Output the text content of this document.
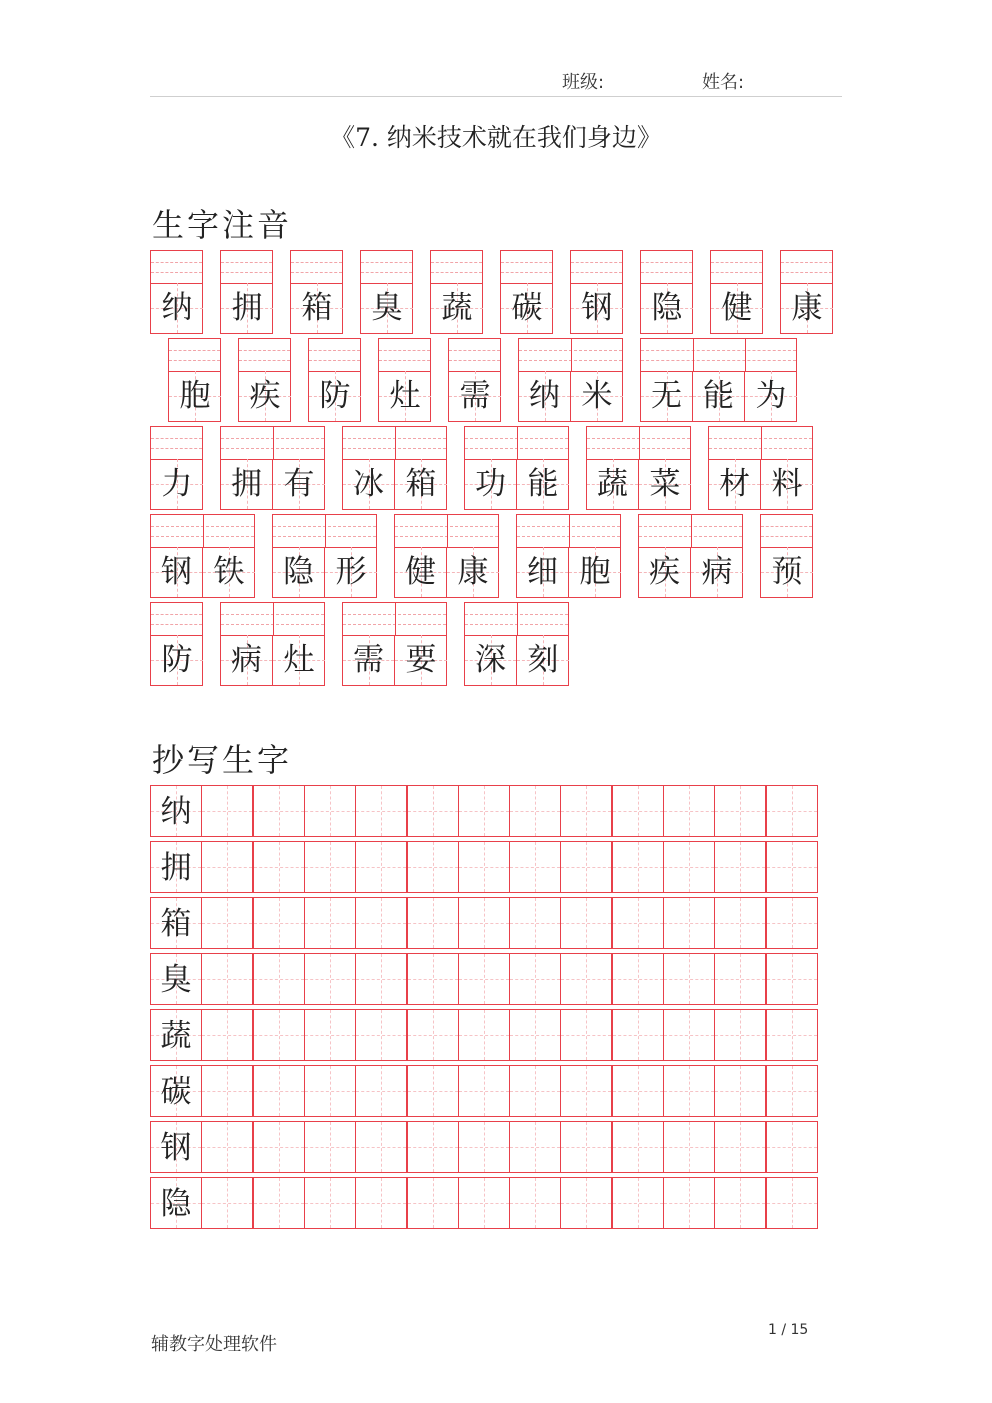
班级:	姓名:
《7. 纳米技术就在我们身边》
生字注音
纳	拥	箱	臭	蔬	碳	钢	隐	健	康
胞	疾	防	灶	需	纳 米	无 能 为
力	拥 有	冰 箱	功 能	蔬 菜	材 料
钢 铁	隐 形	健 康	细 胞	疾 病	预
防	病 灶	需 要	深 刻
抄写生字
纳
拥
箱
臭
蔬
碳
钢
隐
辅教字处理软件
1 / 15
